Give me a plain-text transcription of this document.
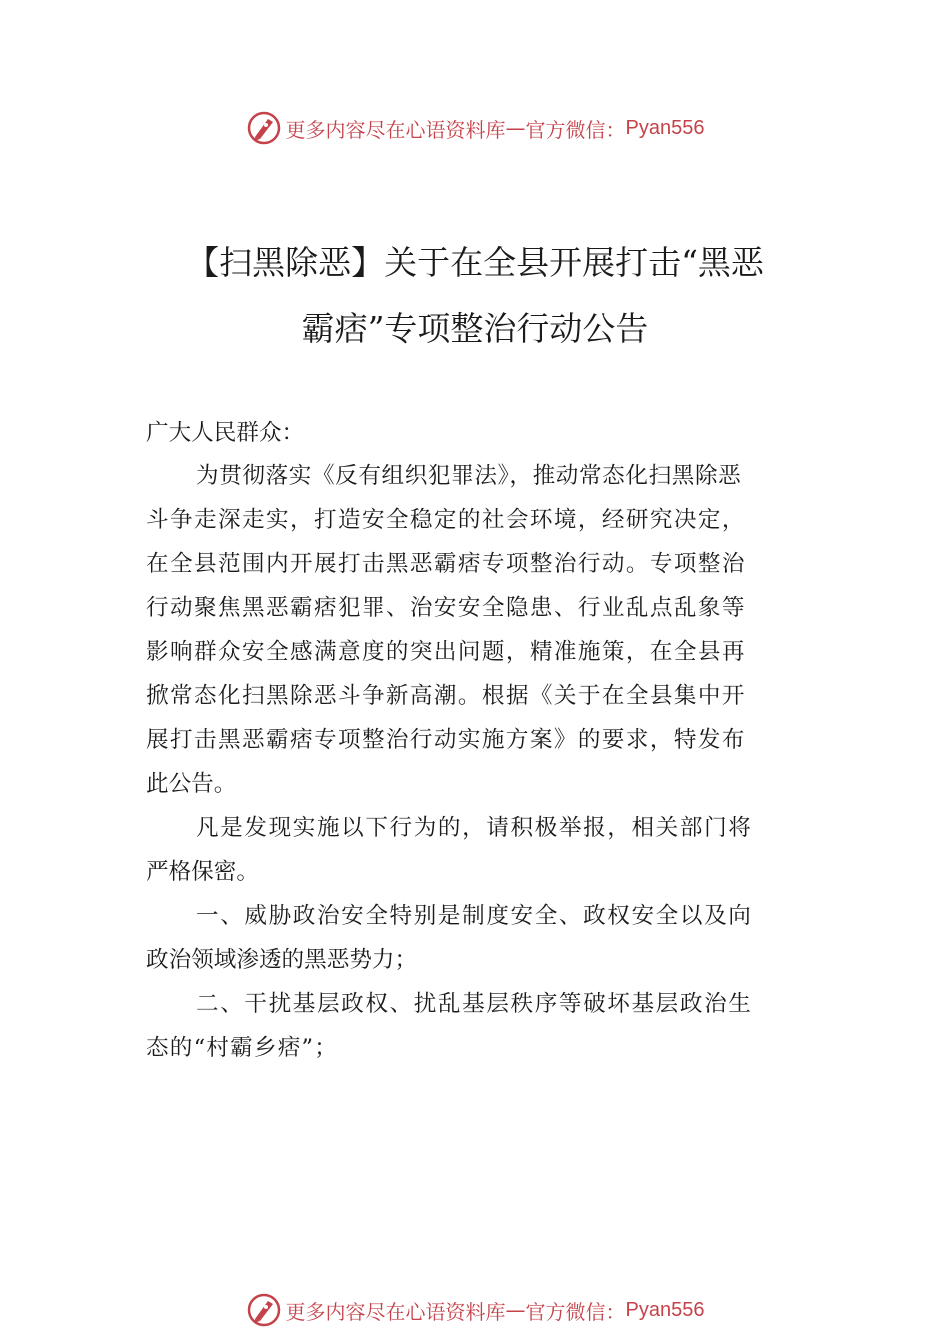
更多内容尽在心语资料库 — 官方微信： Pyan556
【扫黑除恶】关于在全县开展打击“黑恶
霸痞”专项整治行动公告
广大人民群众：
为贯彻落实《反有组织犯罪法》，推动常态化扫黑除恶
斗争走深走实，打造安全稳定的社会环境，经研究决定，
在全县范围内开展打击黑恶霸痞专项整治行动。专项整治
行动聚焦黑恶霸痞犯罪、治安安全隐患、行业乱点乱象等
影响群众安全感满意度的突出问题，精准施策，在全县再
掀常态化扫黑除恶斗争新高潮。根据《关于在全县集中开
展打击黑恶霸痞专项整治行动实施方案》的要求，特发布
此公告。
凡是发现实施以下行为的，请积极举报，相关部门将
严格保密。
一、威胁政治安全特别是制度安全、政权安全以及向
政治领域渗透的黑恶势力；
二、干扰基层政权、扰乱基层秩序等破坏基层政治生
态的“村霸乡痞”；
更多内容尽在心语资料库 — 官方微信： Pyan556
